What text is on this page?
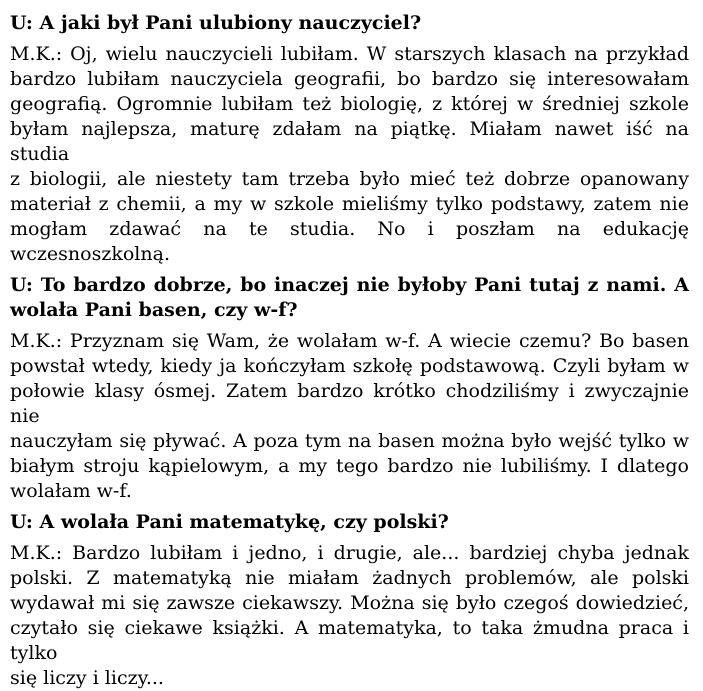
U: A jaki był Pani ulubiony nauczyciel?
M.K.: Oj, wielu nauczycieli lubiłam. W starszych klasach na przykład
bardzo lubiłam nauczyciela geografii, bo bardzo się interesowałam
geografią. Ogromnie lubiłam też biologię, z której w średniej szkole
byłam najlepsza, maturę zdałam na piątkę. Miałam nawet iść na studia
z biologii, ale niestety tam trzeba było mieć też dobrze opanowany
materiał z chemii, a my w szkole mieliśmy tylko podstawy, zatem nie
mogłam zdawać na te studia. No i poszłam na edukację
wczesnoszkolną.
U: To bardzo dobrze, bo inaczej nie byłoby Pani tutaj z nami. A
wolała Pani basen, czy w-f?
M.K.: Przyznam się Wam, że wolałam w-f. A wiecie czemu? Bo basen
powstał wtedy, kiedy ja kończyłam szkołę podstawową. Czyli byłam w
połowie klasy ósmej. Zatem bardzo krótko chodziliśmy i zwyczajnie nie
nauczyłam się pływać. A poza tym na basen można było wejść tylko w
białym stroju kąpielowym, a my tego bardzo nie lubiliśmy. I dlatego
wolałam w-f.
U: A wolała Pani matematykę, czy polski?
M.K.: Bardzo lubiłam i jedno, i drugie, ale... bardziej chyba jednak
polski. Z matematyką nie miałam żadnych problemów, ale polski
wydawał mi się zawsze ciekawszy. Można się było czegoś dowiedzieć,
czytało się ciekawe książki. A matematyka, to taka żmudna praca i tylko
się liczy i liczy...
